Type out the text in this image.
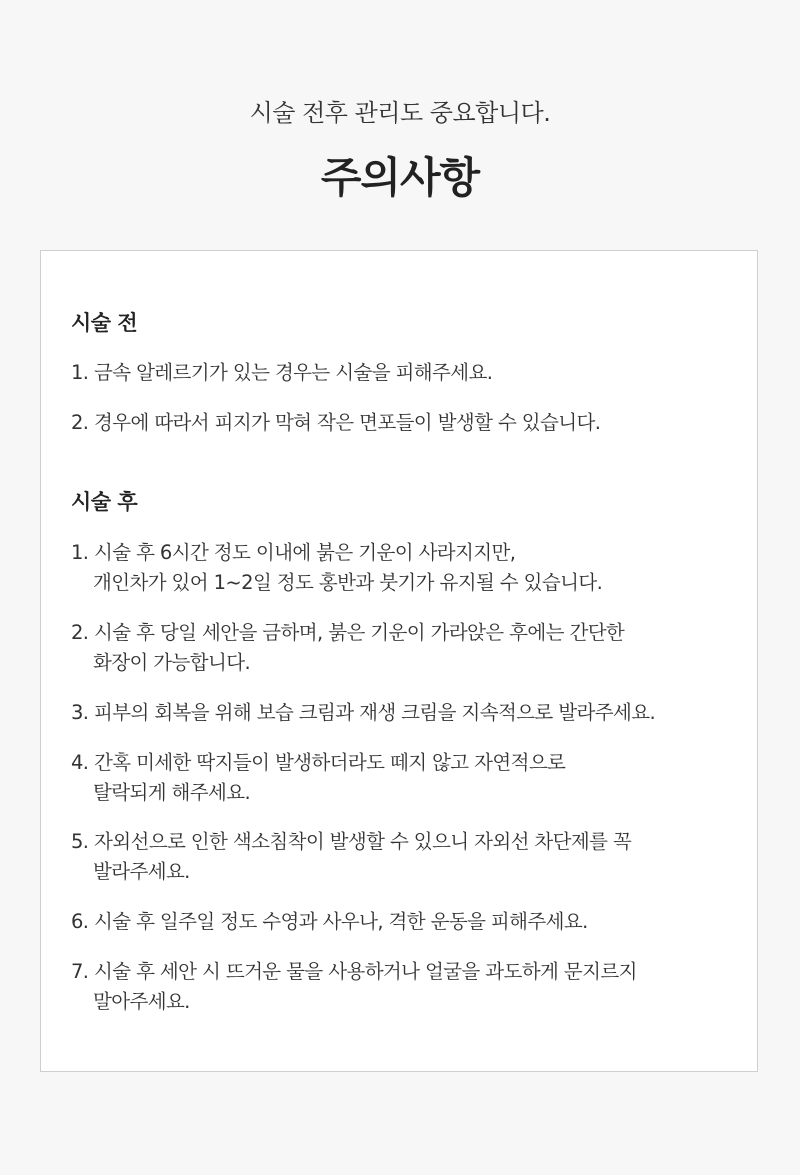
시술 전후 관리도 중요합니다.
주의사항
시술 전
1. 금속 알레르기가 있는 경우는 시술을 피해주세요.
2. 경우에 따라서 피지가 막혀 작은 면포들이 발생할 수 있습니다.
시술 후
1. 시술 후 6시간 정도 이내에 붉은 기운이 사라지지만,
개인차가 있어 1~2일 정도 홍반과 붓기가 유지될 수 있습니다.
2. 시술 후 당일 세안을 금하며, 붉은 기운이 가라앉은 후에는 간단한
화장이 가능합니다.
3. 피부의 회복을 위해 보습 크림과 재생 크림을 지속적으로 발라주세요.
4. 간혹 미세한 딱지들이 발생하더라도 떼지 않고 자연적으로
탈락되게 해주세요.
5. 자외선으로 인한 색소침착이 발생할 수 있으니 자외선 차단제를 꼭
발라주세요.
6. 시술 후 일주일 정도 수영과 사우나, 격한 운동을 피해주세요.
7. 시술 후 세안 시 뜨거운 물을 사용하거나 얼굴을 과도하게 문지르지
말아주세요.
